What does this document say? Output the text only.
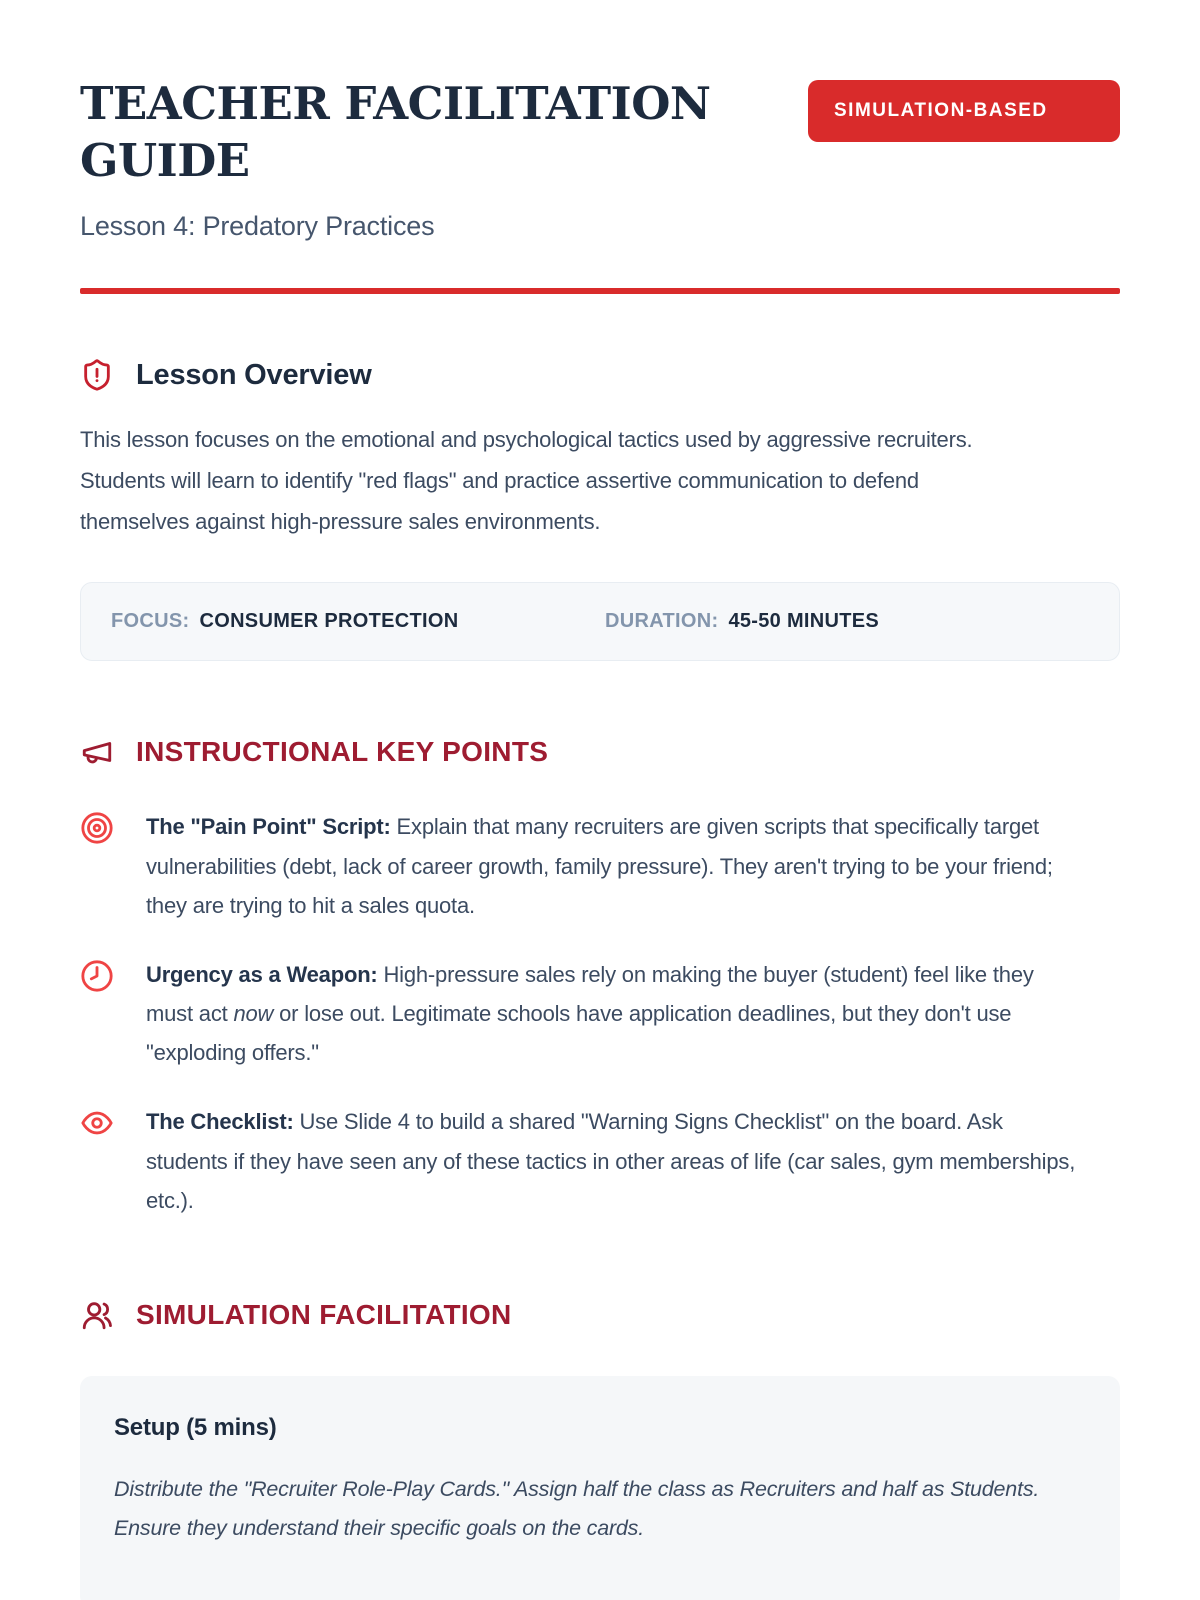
TEACHER FACILITATION GUIDE
SIMULATION-BASED
Lesson 4: Predatory Practices
Lesson Overview

This lesson focuses on the emotional and psychological tactics used by aggressive recruiters. Students will learn to identify "red flags" and practice assertive communication to defend themselves against high-pressure sales environments.

FOCUS: CONSUMER PROTECTION	DURATION: 45-50 MINUTES
INSTRUCTIONAL KEY POINTS
The "Pain Point" Script: Explain that many recruiters are given scripts that specifically target vulnerabilities (debt, lack of career growth, family pressure). They aren't trying to be your friend; they are trying to hit a sales quota.
Urgency as a Weapon: High-pressure sales rely on making the buyer (student) feel like they must act now or lose out. Legitimate schools have application deadlines, but they don't use "exploding offers."
The Checklist: Use Slide 4 to build a shared "Warning Signs Checklist" on the board. Ask students if they have seen any of these tactics in other areas of life (car sales, gym memberships, etc.).
SIMULATION FACILITATION
Setup (5 mins)

Distribute the "Recruiter Role-Play Cards." Assign half the class as Recruiters and half as Students. Ensure they understand their specific goals on the cards.
